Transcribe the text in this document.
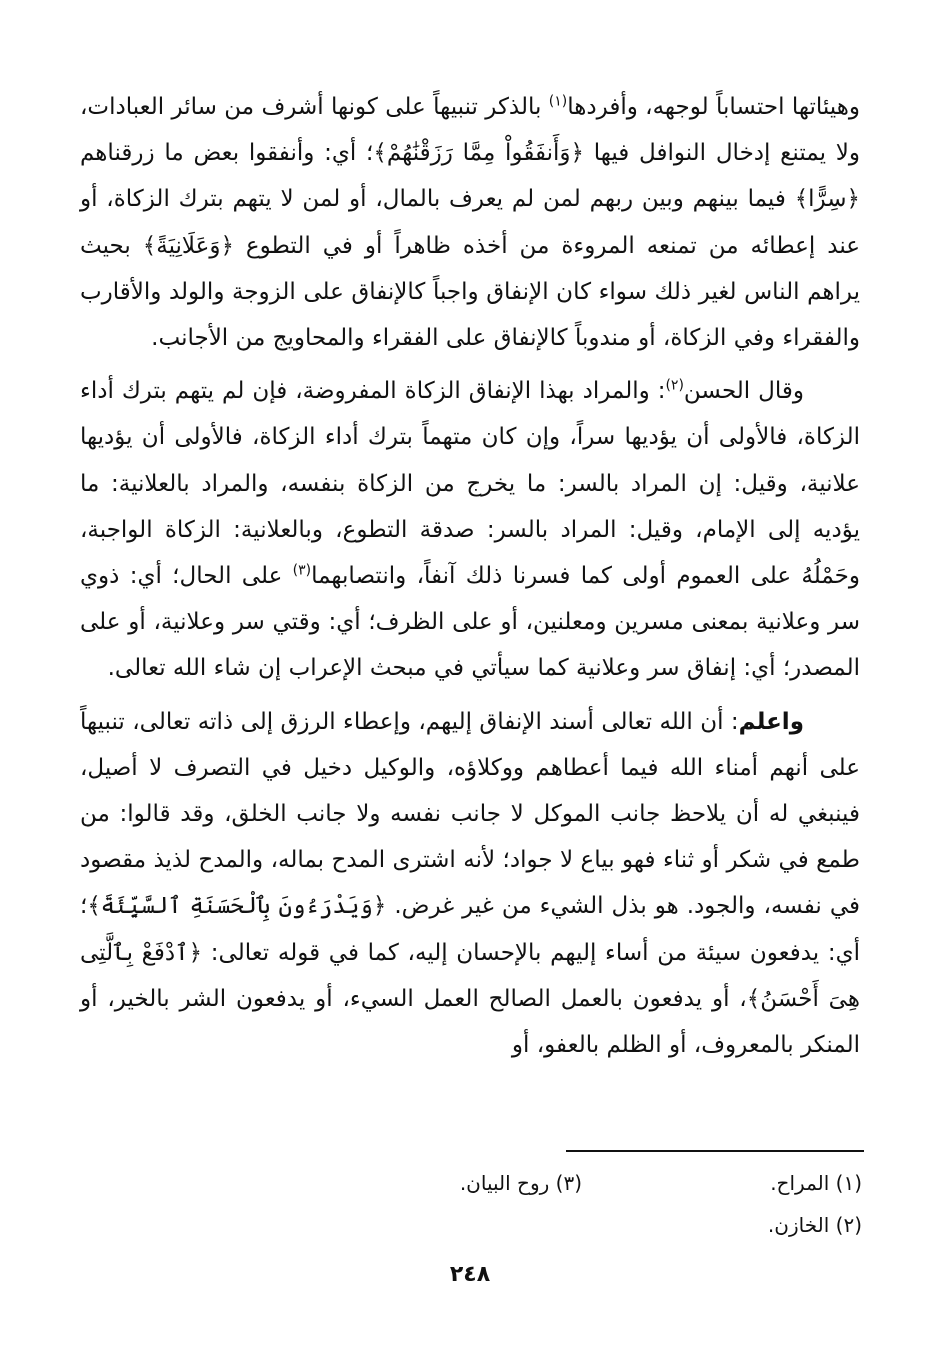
وهيئاتها احتساباً لوجهه، وأفردها$^{(١)}$ بالذكر تنبيهاً على كونها أشرف من سائر العبادات، ولا يمتنع إدخال النوافل فيها ﴿وَأَنفَقُواْ مِمَّا رَزَقْنَٰهُمْ﴾؛ أي: وأنفقوا بعض ما زرقناهم ﴿سِرًّا﴾ فيما بينهم وبين ربهم لمن لم يعرف بالمال، أو لمن لا يتهم بترك الزكاة، أو عند إعطائه من تمنعه المروءة من أخذه ظاهراً أو في التطوع ﴿وَعَلَانِيَةً﴾ بحيث يراهم الناس لغير ذلك سواء كان الإنفاق واجباً كالإنفاق على الزوجة والولد والأقارب والفقراء وفي الزكاة، أو مندوباً كالإنفاق على الفقراء والمحاويج من الأجانب.

وقال الحسن$^{(٢)}$: والمراد بهذا الإنفاق الزكاة المفروضة، فإن لم يتهم بترك أداء الزكاة، فالأولى أن يؤديها سراً، وإن كان متهماً بترك أداء الزكاة، فالأولى أن يؤديها علانية، وقيل: إن المراد بالسر: ما يخرج من الزكاة بنفسه، والمراد بالعلانية: ما يؤديه إلى الإمام، وقيل: المراد بالسر: صدقة التطوع، وبالعلانية: الزكاة الواجبة، وحَمْلُهُ على العموم أولى كما فسرنا ذلك آنفاً، وانتصابهما$^{(٣)}$ على الحال؛ أي: ذوي سر وعلانية بمعنى مسرين ومعلنين، أو على الظرف؛ أي: وقتي سر وعلانية، أو على المصدر؛ أي: إنفاق سر وعلانية كما سيأتي في مبحث الإعراب إن شاء الله تعالى.

واعلم: أن الله تعالى أسند الإنفاق إليهم، وإعطاء الرزق إلى ذاته تعالى، تنبيهاً على أنهم أمناء الله فيما أعطاهم ووكلاؤه، والوكيل دخيل في التصرف لا أصيل، فينبغي له أن يلاحظ جانب الموكل لا جانب نفسه ولا جانب الخلق، وقد قالوا: من طمع في شكر أو ثناء فهو بياع لا جواد؛ لأنه اشترى المدح بماله، والمدح لذيذ مقصود في نفسه، والجود. هو بذل الشيء من غير غرض. ﴿وَيَدْرَءُونَ بِٱلْحَسَنَةِ ٱلسَّيِّئَةَ﴾؛ أي: يدفعون سيئة من أساء إليهم بالإحسان إليه، كما في قوله تعالى: ﴿ٱدْفَعْ بِٱلَّتِى هِىَ أَحْسَنُ﴾، أو يدفعون بالعمل الصالح العمل السيء، أو يدفعون الشر بالخير، أو المنكر بالمعروف، أو الظلم بالعفو، أو

(١) المراح.
(٣) روح البيان.
(٢) الخازن.
٢٤٨
